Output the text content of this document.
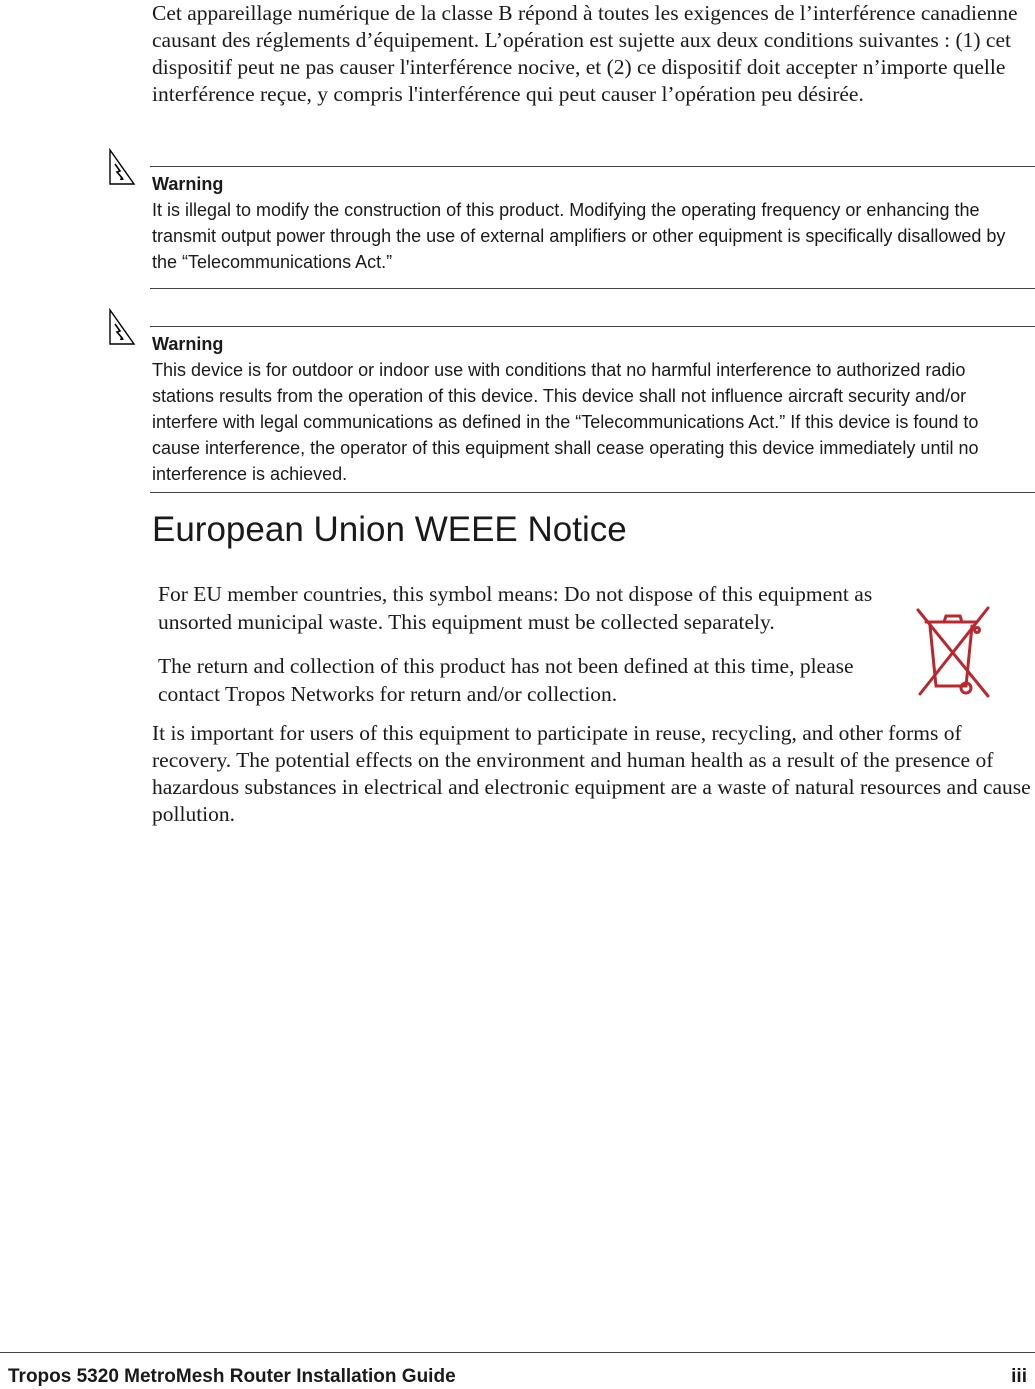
Cet appareillage numérique de la classe B répond à toutes les exigences de l’interférence canadienne causant des réglements d’équipement. L’opération est sujette aux deux conditions suivantes : (1) cet dispositif peut ne pas causer l'interférence nocive, et (2) ce dispositif doit accepter n’importe quelle interférence reçue, y compris l'interférence qui peut causer l’opération peu désirée.

Warning

It is illegal to modify the construction of this product. Modifying the operating frequency or enhancing the transmit output power through the use of external amplifiers or other equipment is specifically disallowed by the “Telecommunications Act.”

Warning

This device is for outdoor or indoor use with conditions that no harmful interference to authorized radio stations results from the operation of this device. This device shall not influence aircraft security and/or interfere with legal communications as defined in the “Telecommunications Act.” If this device is found to cause interference, the operator of this equipment shall cease operating this device immediately until no interference is achieved.

European Union WEEE Notice

For EU member countries, this symbol means: Do not dispose of this equipment as unsorted municipal waste. This equipment must be collected separately.

The return and collection of this product has not been defined at this time, please contact Tropos Networks for return and/or collection.

It is important for users of this equipment to participate in reuse, recycling, and other forms of recovery. The potential effects on the environment and human health as a result of the presence of hazardous substances in electrical and electronic equipment are a waste of natural resources and cause pollution.

Tropos 5320 MetroMesh Router Installation Guide	iii
